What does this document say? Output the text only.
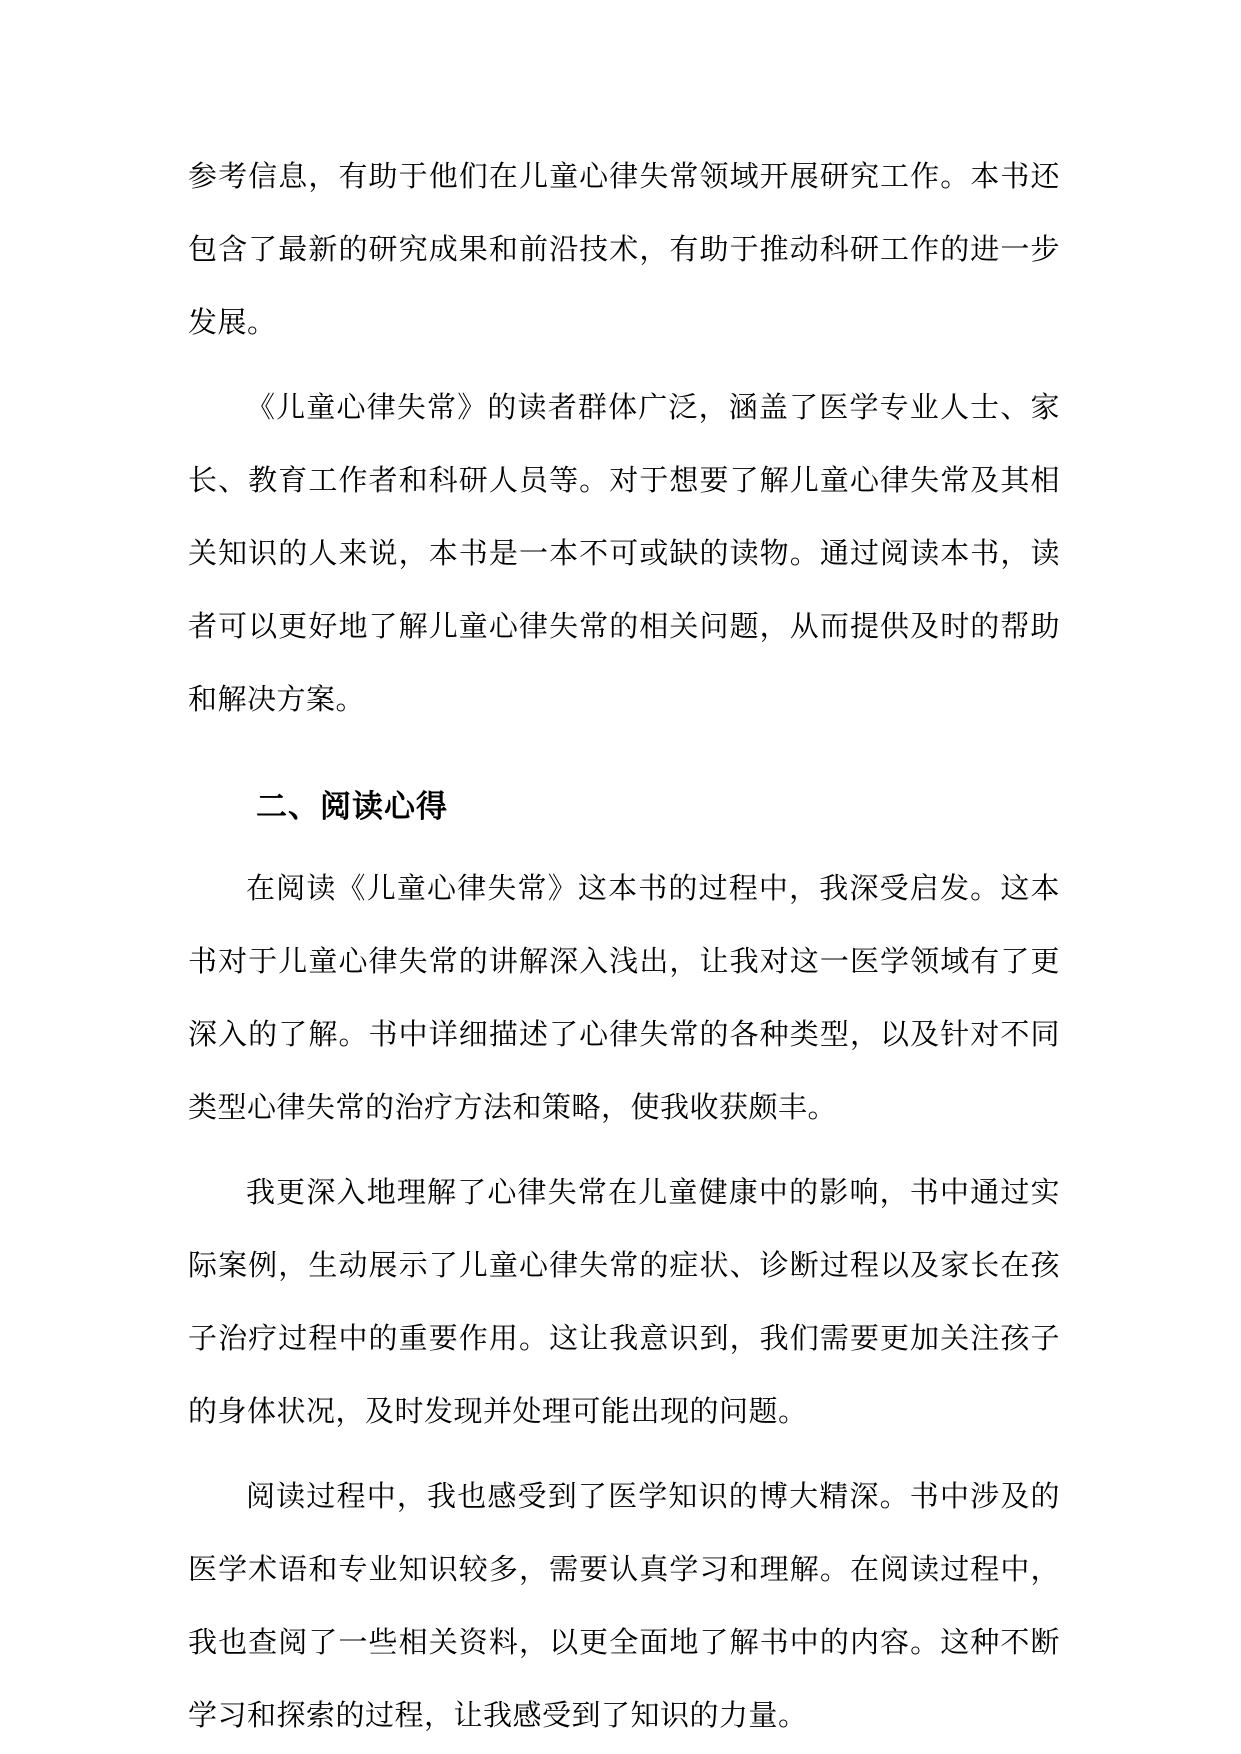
参考信息，有助于他们在儿童心律失常领域开展研究工作。本书还包含了最新的研究成果和前沿技术，有助于推动科研工作的进一步发展。

《儿童心律失常》的读者群体广泛，涵盖了医学专业人士、家长、教育工作者和科研人员等。对于想要了解儿童心律失常及其相关知识的人来说，本书是一本不可或缺的读物。通过阅读本书，读者可以更好地了解儿童心律失常的相关问题，从而提供及时的帮助和解决方案。

二、阅读心得

在阅读《儿童心律失常》这本书的过程中，我深受启发。这本书对于儿童心律失常的讲解深入浅出，让我对这一医学领域有了更深入的了解。书中详细描述了心律失常的各种类型，以及针对不同类型心律失常的治疗方法和策略，使我收获颇丰。

我更深入地理解了心律失常在儿童健康中的影响，书中通过实际案例，生动展示了儿童心律失常的症状、诊断过程以及家长在孩子治疗过程中的重要作用。这让我意识到，我们需要更加关注孩子的身体状况，及时发现并处理可能出现的问题。

阅读过程中，我也感受到了医学知识的博大精深。书中涉及的医学术语和专业知识较多，需要认真学习和理解。在阅读过程中，我也查阅了一些相关资料，以更全面地了解书中的内容。这种不断学习和探索的过程，让我感受到了知识的力量。
